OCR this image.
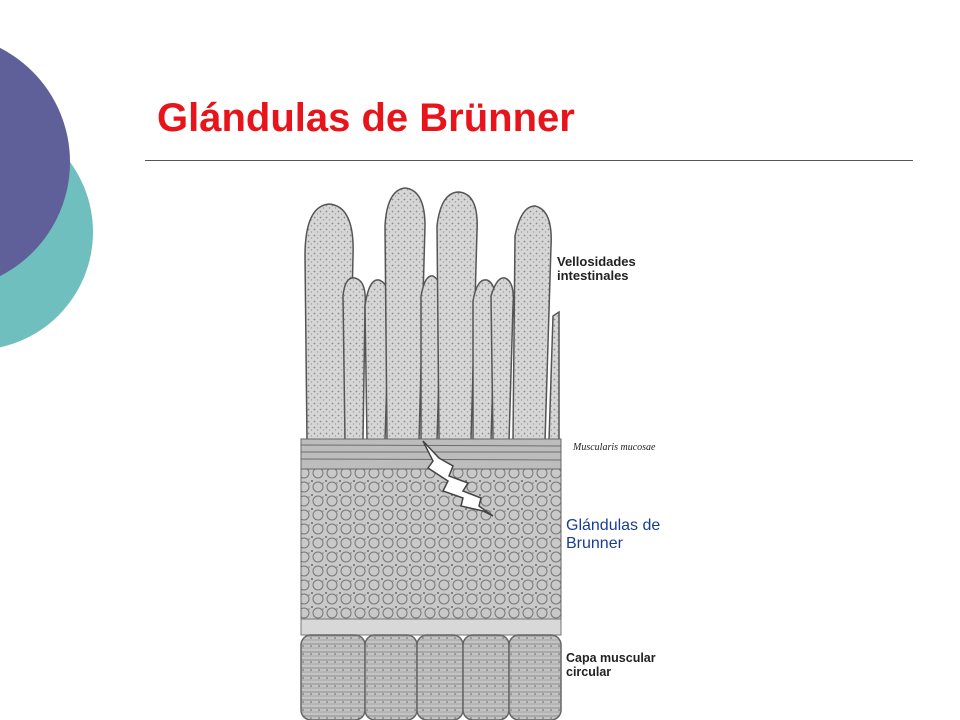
Glándulas de Brünner
Vellosidades
intestinales
Muscularis mucosae
Glándulas de
Brunner
Capa muscular
circular
